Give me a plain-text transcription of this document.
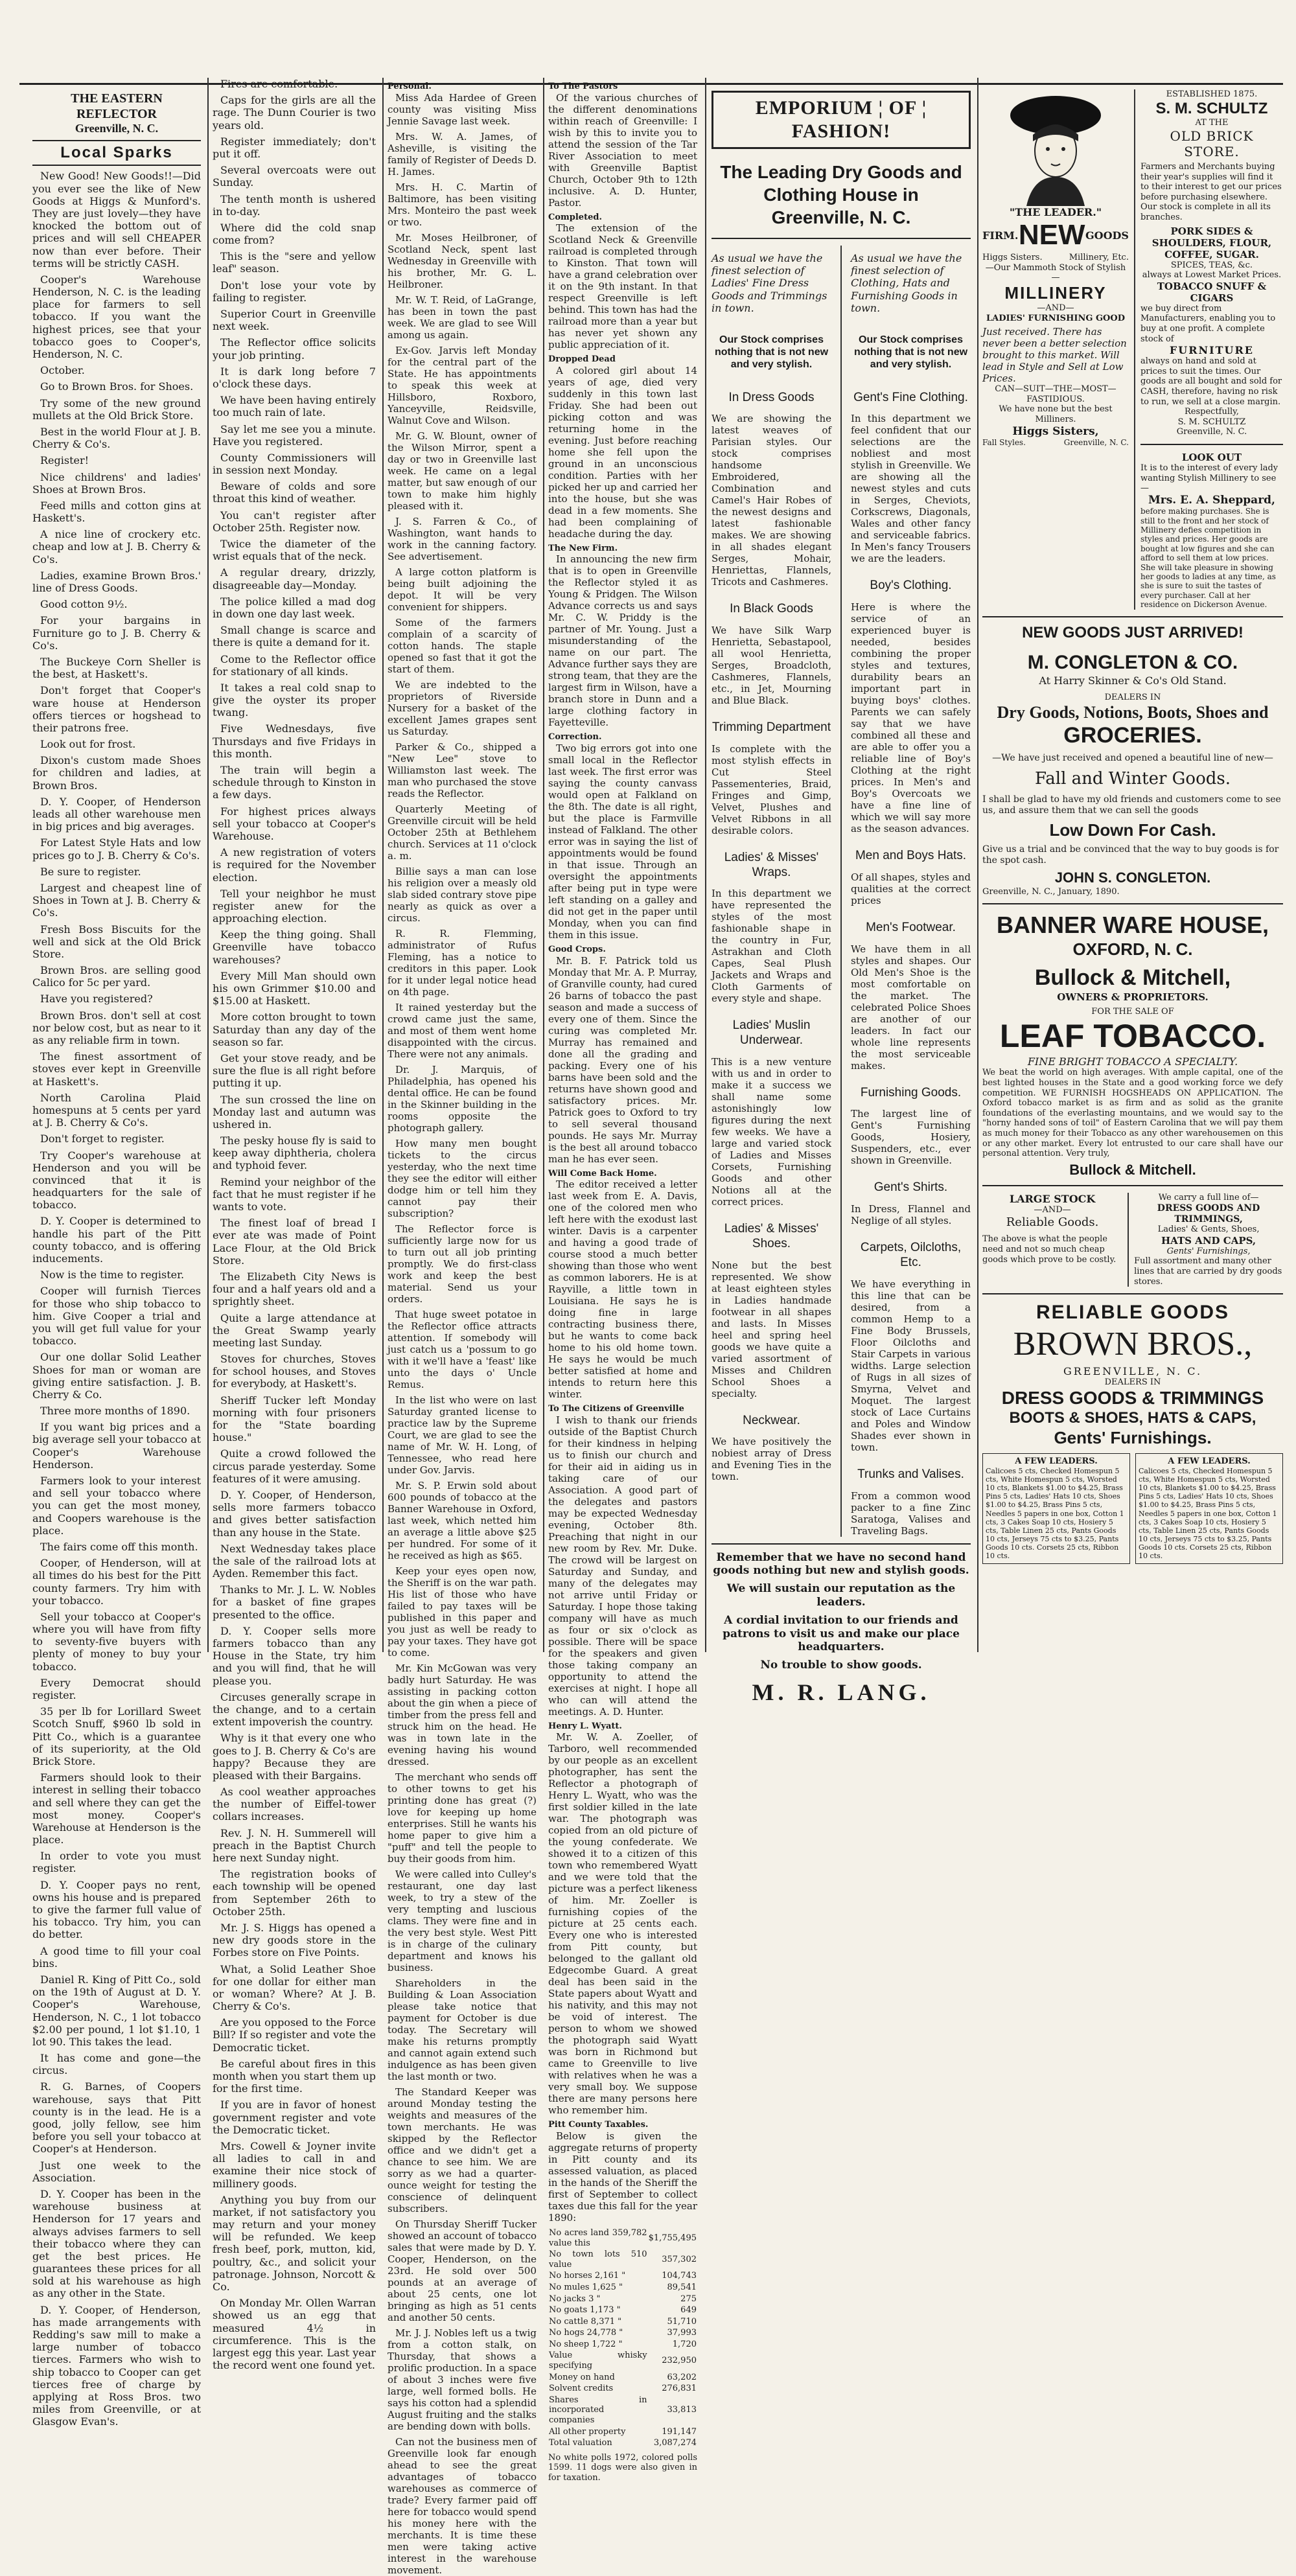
THE EASTERN REFLECTOR
Greenville, N. C.
Local Sparks

New Good! New Goods!!—Did you ever see the like of New Goods at Higgs & Munford's. They are just lovely—they have knocked the bottom out of prices and will sell CHEAPER now than ever before. Their terms will be strictly CASH.

Cooper's Warehouse Henderson, N. C. is the leading place for farmers to sell tobacco. If you want the highest prices, see that your tobacco goes to Cooper's, Henderson, N. C.

October.

Go to Brown Bros. for Shoes.

Try some of the new ground mullets at the Old Brick Store.

Best in the world Flour at J. B. Cherry & Co's.

Register!

Nice childrens' and ladies' Shoes at Brown Bros.

Feed mills and cotton gins at Haskett's.

A nice line of crockery etc. cheap and low at J. B. Cherry & Co's.

Ladies, examine Brown Bros.' line of Dress Goods.

Good cotton 9½.

For your bargains in Furniture go to J. B. Cherry & Co's.

The Buckeye Corn Sheller is the best, at Haskett's.

Don't forget that Cooper's ware house at Henderson offers tierces or hogshead to their patrons free.

Look out for frost.

Dixon's custom made Shoes for children and ladies, at Brown Bros.

D. Y. Cooper, of Henderson leads all other warehouse men in big prices and big averages.

For Latest Style Hats and low prices go to J. B. Cherry & Co's.

Be sure to register.

Largest and cheapest line of Shoes in Town at J. B. Cherry & Co's.

Fresh Boss Biscuits for the well and sick at the Old Brick Store.

Brown Bros. are selling good Calico for 5c per yard.

Have you registered?

Brown Bros. don't sell at cost nor below cost, but as near to it as any reliable firm in town.

The finest assortment of stoves ever kept in Greenville at Haskett's.

North Carolina Plaid homespuns at 5 cents per yard at J. B. Cherry & Co's.

Don't forget to register.

Try Cooper's warehouse at Henderson and you will be convinced that it is headquarters for the sale of tobacco.

D. Y. Cooper is determined to handle his part of the Pitt county tobacco, and is offering inducements.

Now is the time to register.

Cooper will furnish Tierces for those who ship tobacco to him. Give Cooper a trial and you will get full value for your tobacco.

Our one dollar Solid Leather Shoes for man or woman are giving entire satisfaction. J. B. Cherry & Co.

Three more months of 1890.

If you want big prices and a big average sell your tobacco at Cooper's Warehouse Henderson.

Farmers look to your interest and sell your tobacco where you can get the most money, and Coopers warehouse is the place.

The fairs come off this month.

Cooper, of Henderson, will at all times do his best for the Pitt county farmers. Try him with your tobacco.

Sell your tobacco at Cooper's where you will have from fifty to seventy-five buyers with plenty of money to buy your tobacco.

Every Democrat should register.

35 per lb for Lorillard Sweet Scotch Snuff, $960 lb sold in Pitt Co., which is a guarantee of its superiority, at the Old Brick Store.

Farmers should look to their interest in selling their tobacco and sell where they can get the most money. Cooper's Warehouse at Henderson is the place.

In order to vote you must register.

D. Y. Cooper pays no rent, owns his house and is prepared to give the farmer full value of his tobacco. Try him, you can do better.

A good time to fill your coal bins.

Daniel R. King of Pitt Co., sold on the 19th of August at D. Y. Cooper's Warehouse, Henderson, N. C., 1 lot tobacco $2.00 per pound, 1 lot $1.10, 1 lot 90. This takes the lead.

It has come and gone—the circus.

R. G. Barnes, of Coopers warehouse, says that Pitt county is in the lead. He is a good, jolly fellow, see him before you sell your tobacco at Cooper's at Henderson.

Just one week to the Association.

D. Y. Cooper has been in the warehouse business at Henderson for 17 years and always advises farmers to sell their tobacco where they can get the best prices. He guarantees these prices for all sold at his warehouse as high as any other in the State.

D. Y. Cooper, of Henderson, has made arrangements with Redding's saw mill to make a large number of tobacco tierces. Farmers who wish to ship tobacco to Cooper can get tierces free of charge by applying at Ross Bros. two miles from Greenville, or at Glasgow Evan's.

Fires are comfortable.

Caps for the girls are all the rage. The Dunn Courier is two years old.

Register immediately; don't put it off.

Several overcoats were out Sunday.

The tenth month is ushered in to-day.

Where did the cold snap come from?

This is the "sere and yellow leaf" season.

Don't lose your vote by failing to register.

Superior Court in Greenville next week.

The Reflector office solicits your job printing.

It is dark long before 7 o'clock these days.

We have been having entirely too much rain of late.

Say let me see you a minute. Have you registered.

County Commissioners will in session next Monday.

Beware of colds and sore throat this kind of weather.

You can't register after October 25th. Register now.

Twice the diameter of the wrist equals that of the neck.

A regular dreary, drizzly, disagreeable day—Monday.

The police killed a mad dog in down one day last week.

Small change is scarce and there is quite a demand for it.

Come to the Reflector office for stationary of all kinds.

It takes a real cold snap to give the oyster its proper twang.

Five Wednesdays, five Thursdays and five Fridays in this month.

The train will begin a schedule through to Kinston in a few days.

For highest prices always sell your tobacco at Cooper's Warehouse.

A new registration of voters is required for the November election.

Tell your neighbor he must register anew for the approaching election.

Keep the thing going. Shall Greenville have tobacco warehouses?

Every Mill Man should own his own Grimmer $10.00 and $15.00 at Haskett.

More cotton brought to town Saturday than any day of the season so far.

Get your stove ready, and be sure the flue is all right before putting it up.

The sun crossed the line on Monday last and autumn was ushered in.

The pesky house fly is said to keep away diphtheria, cholera and typhoid fever.

Remind your neighbor of the fact that he must register if he wants to vote.

The finest loaf of bread I ever ate was made of Point Lace Flour, at the Old Brick Store.

The Elizabeth City News is four and a half years old and a sprightly sheet.

Quite a large attendance at the Great Swamp yearly meeting last Sunday.

Stoves for churches, Stoves for school houses, and Stoves for everybody, at Haskett's.

Sheriff Tucker left Monday morning with four prisoners for the "State boarding house."

Quite a crowd followed the circus parade yesterday. Some features of it were amusing.

D. Y. Cooper, of Henderson, sells more farmers tobacco and gives better satisfaction than any house in the State.

Next Wednesday takes place the sale of the railroad lots at Ayden. Remember this fact.

Thanks to Mr. J. L. W. Nobles for a basket of fine grapes presented to the office.

D. Y. Cooper sells more farmers tobacco than any House in the State, try him and you will find, that he will please you.

Circuses generally scrape in the change, and to a certain extent impoverish the country.

Why is it that every one who goes to J. B. Cherry & Co's are happy? Because they are pleased with their Bargains.

As cool weather approaches the number of Eiffel-tower collars increases.

Rev. J. N. H. Summerell will preach in the Baptist Church here next Sunday night.

The registration books of each township will be opened from September 26th to October 25th.

Mr. J. S. Higgs has opened a new dry goods store in the Forbes store on Five Points.

What, a Solid Leather Shoe for one dollar for either man or woman? Where? At J. B. Cherry & Co's.

Are you opposed to the Force Bill? If so register and vote the Democratic ticket.

Be careful about fires in this month when you start them up for the first time.

If you are in favor of honest government register and vote the Democratic ticket.

Mrs. Cowell & Joyner invite all ladies to call in and examine their nice stock of millinery goods.

Anything you buy from our market, if not satisfactory you may return and your money will be refunded. We keep fresh beef, pork, mutton, kid, poultry, &c., and solicit your patronage. Johnson, Norcott & Co.

On Monday Mr. Ollen Warran showed us an egg that measured 4½ in circumference. This is the largest egg this year. Last year the record went one found yet.

Personal.

Miss Ada Hardee of Green county was visiting Miss Jennie Savage last week.

Mrs. W. A. James, of Asheville, is visiting the family of Register of Deeds D. H. James.

Mrs. H. C. Martin of Baltimore, has been visiting Mrs. Monteiro the past week or two.

Mr. Moses Heilbroner, of Scotland Neck, spent last Wednesday in Greenville with his brother, Mr. G. L. Heilbroner.

Mr. W. T. Reid, of LaGrange, has been in town the past week. We are glad to see Will among us again.

Ex-Gov. Jarvis left Monday for the central part of the State. He has appointments to speak this week at Hillsboro, Roxboro, Yanceyville, Reidsville, Walnut Cove and Wilson.

Mr. G. W. Blount, owner of the Wilson Mirror, spent a day or two in Greenville last week. He came on a legal matter, but saw enough of our town to make him highly pleased with it.

J. S. Farren & Co., of Washington, want hands to work in the canning factory. See advertisement.

A large cotton platform is being built adjoining the depot. It will be very convenient for shippers.

Some of the farmers complain of a scarcity of cotton hands. The staple opened so fast that it got the start of them.

We are indebted to the proprietors of Riverside Nursery for a basket of the excellent James grapes sent us Saturday.

Parker & Co., shipped a "New Lee" stove to Williamston last week. The man who purchased the stove reads the Reflector.

Quarterly Meeting of Greenville circuit will be held October 25th at Bethlehem church. Services at 11 o'clock a. m.

Billie says a man can lose his religion over a measly old slab sided contrary stove pipe nearly as quick as over a circus.

R. R. Flemming, administrator of Rufus Fleming, has a notice to creditors in this paper. Look for it under legal notice head on 4th page.

It rained yesterday but the crowd came just the same, and most of them went home disappointed with the circus. There were not any animals.

Dr. J. Marquis, of Philadelphia, has opened his dental office. He can be found in the Skinner building in the rooms opposite the photograph gallery.

How many men bought tickets to the circus yesterday, who the next time they see the editor will either dodge him or tell him they cannot pay their subscription?

The Reflector force is sufficiently large now for us to turn out all job printing promptly. We do first-class work and keep the best material. Send us your orders.

That huge sweet potatoe in the Reflector office attracts attention. If somebody will just catch us a 'possum to go with it we'll have a 'feast' like unto the days o' Uncle Remus.

In the list who were on last Saturday granted license to practice law by the Supreme Court, we are glad to see the name of Mr. W. H. Long, of Tennessee, who read here under Gov. Jarvis.

Mr. S. P. Erwin sold about 600 pounds of tobacco at the Banner Warehouse in Oxford, last week, which netted him an average a little above $25 per hundred. For some of it he received as high as $65.

Keep your eyes open now, the Sheriff is on the war path. His list of those who have failed to pay taxes will be published in this paper and you just as well be ready to pay your taxes. They have got to come.

Mr. Kin McGowan was very badly hurt Saturday. He was assisting in packing cotton about the gin when a piece of timber from the press fell and struck him on the head. He was in town late in the evening having his wound dressed.

The merchant who sends off to other towns to get his printing done has great (?) love for keeping up home enterprises. Still he wants his home paper to give him a "puff" and tell the people to buy their goods from him.

We were called into Culley's restaurant, one day last week, to try a stew of the very tempting and luscious clams. They were fine and in the very best style. West Pitt is in charge of the culinary department and knows his business.

Shareholders in the Building & Loan Association please take notice that payment for October is due today. The Secretary will make his returns promptly and cannot again extend such indulgence as has been given the last month or two.

The Standard Keeper was around Monday testing the weights and measures of the town merchants. He was skipped by the Reflector office and we didn't get a chance to see him. We are sorry as we had a quarter-ounce weight for testing the conscience of delinquent subscribers.

On Thursday Sheriff Tucker showed an account of tobacco sales that were made by D. Y. Cooper, Henderson, on the 23rd. He sold over 500 pounds at an average of about 25 cents, one lot bringing as high as 51 cents and another 50 cents.

Mr. J. J. Nobles left us a twig from a cotton stalk, on Thursday, that shows a prolific production. In a space of about 3 inches were five large, well formed bolls. He says his cotton had a splendid August fruiting and the stalks are bending down with bolls.

Can not the business men of Greenville look far enough ahead to see the great advantages of tobacco warehouses as commerce of trade? Every farmer paid off here for tobacco would spend his money here with the merchants. It is time these men were taking active interest in the warehouse movement.

To The Pastors

Of the various churches of the different denominations within reach of Greenville: I wish by this to invite you to attend the session of the Tar River Association to meet with Greenville Baptist Church, October 9th to 12th inclusive. A. D. Hunter, Pastor.

Completed.

The extension of the Scotland Neck & Greenville railroad is completed through to Kinston. That town will have a grand celebration over it on the 9th instant. In that respect Greenville is left behind. This town has had the railroad more than a year but has never yet shown any public appreciation of it.

Dropped Dead

A colored girl about 14 years of age, died very suddenly in this town last Friday. She had been out picking cotton and was returning home in the evening. Just before reaching home she fell upon the ground in an unconscious condition. Parties with her picked her up and carried her into the house, but she was dead in a few moments. She had been complaining of headache during the day.

The New Firm.

In announcing the new firm that is to open in Greenville the Reflector styled it as Young & Pridgen. The Wilson Advance corrects us and says Mr. C. W. Priddy is the partner of Mr. Young. Just a misunderstanding of the name on our part. The Advance further says they are strong team, that they are the largest firm in Wilson, have a branch store in Dunn and a large clothing factory in Fayetteville.

Correction.

Two big errors got into one small local in the Reflector last week. The first error was saying the county canvass would open at Falkland on the 8th. The date is all right, but the place is Farmville instead of Falkland. The other error was in saying the list of appointments would be found in that issue. Through an oversight the appointments after being put in type were left standing on a galley and did not get in the paper until Monday, when you can find them in this issue.

Good Crops.

Mr. B. F. Patrick told us Monday that Mr. A. P. Murray, of Granville county, had cured 26 barns of tobacco the past season and made a success of every one of them. Since the curing was completed Mr. Murray has remained and done all the grading and packing. Every one of his barns have been sold and the returns have shown good and satisfactory prices. Mr. Patrick goes to Oxford to try to sell several thousand pounds. He says Mr. Murray is the best all around tobacco man he has ever seen.

Will Come Back Home.

The editor received a letter last week from E. A. Davis, one of the colored men who left here with the exodust last winter. Davis is a carpenter and having a good trade of course stood a much better showing than those who went as common laborers. He is at Rayville, a little town in Louisiana. He says he is doing fine in large contracting business there, but he wants to come back home to his old home town. He says he would be much better satisfied at home and intends to return here this winter.

To The Citizens of Greenville

I wish to thank our friends outside of the Baptist Church for their kindness in helping us to finish our church and for their aid in aiding us in taking care of our Association. A good part of the delegates and pastors may be expected Wednesday evening, October 8th. Preaching that night in our new room by Rev. Mr. Duke. The crowd will be largest on Saturday and Sunday, and many of the delegates may not arrive until Friday or Saturday. I hope those taking company will have as much as four or six o'clock as possible. There will be space for the speakers and given those taking company an opportunity to attend the exercises at night. I hope all who can will attend the meetings. A. D. Hunter.

Henry L. Wyatt.

Mr. W. A. Zoeller, of Tarboro, well recommended by our people as an excellent photographer, has sent the Reflector a photograph of Henry L. Wyatt, who was the first soldier killed in the late war. The photograph was copied from an old picture of the young confederate. We showed it to a citizen of this town who remembered Wyatt and we were told that the picture was a perfect likeness of him. Mr. Zoeller is furnishing copies of the picture at 25 cents each. Every one who is interested from Pitt county, but belonged to the gallant old Edgecombe Guard. A great deal has been said in the State papers about Wyatt and his nativity, and this may not be void of interest. The person to whom we showed the photograph said Wyatt was born in Richmond but came to Greenville to live with relatives when he was a very small boy. We suppose there are many persons here who remember him.

Pitt County Taxables.

Below is given the aggregate returns of property in Pitt county and its assessed valuation, as placed in the hands of the Sheriff the first of September to collect taxes due this fall for the year 1890:

No acres land 359,782 value this	$1,755,495
No town lots 510 value	357,302
No horses 2,161 "	104,743
No mules 1,625 "	89,541
No jacks 3 "	275
No goats 1,173 "	649
No cattle 8,371 "	51,710
No hogs 24,778 "	37,993
No sheep 1,722 "	1,720
Value whisky specifying	232,950
Money on hand	63,202
Solvent credits	276,831
Shares in incorporated companies	33,813
All other property	191,147
Total valuation	3,087,274
No white polls 1972, colored polls 1599. 11 dogs were also given in for taxation.
EMPORIUM ¦ OF ¦ FASHION!
The Leading Dry Goods and Clothing House in Greenville, N. C.
As usual we have the finest selection of Ladies' Fine Dress Goods and Trimmings in town.
Our Stock comprises nothing that is not new and very stylish.
In Dress Goods
We are showing the latest weaves of Parisian styles. Our stock comprises handsome Embroidered, Combination and Camel's Hair Robes of the newest designs and latest fashionable makes. We are showing in all shades elegant Serges, Mohair, Henriettas, Flannels, Tricots and Cashmeres.
In Black Goods
We have Silk Warp Henrietta, Sebastapool, all wool Henrietta, Serges, Broadcloth, Cashmeres, Flannels, etc., in Jet, Mourning and Blue Black.
Trimming Department
Is complete with the most stylish effects in Cut Steel Passementeries, Braid, Fringes and Gimp, Velvet, Plushes and Velvet Ribbons in all desirable colors.
Ladies' & Misses' Wraps.
In this department we have represented the styles of the most fashionable shape in the country in Fur, Astrakhan and Cloth Capes, Seal Plush Jackets and Wraps and Cloth Garments of every style and shape.
Ladies' Muslin Underwear.
This is a new venture with us and in order to make it a success we shall name some astonishingly low figures during the next few weeks. We have a large and varied stock of Ladies and Misses Corsets, Furnishing Goods and other Notions all at the correct prices.
Ladies' & Misses' Shoes.
None but the best represented. We show at least eighteen styles in Ladies handmade footwear in all shapes and lasts. In Misses heel and spring heel goods we have quite a varied assortment of Misses and Children School Shoes a specialty.
Neckwear.
We have positively the nobiest array of Dress and Evening Ties in the town.
As usual we have the finest selection of Clothing, Hats and Furnishing Goods in town.
Our Stock comprises nothing that is not new and very stylish.
Gent's Fine Clothing.
In this department we feel confident that our selections are the nobliest and most stylish in Greenville. We are showing all the newest styles and cuts in Serges, Cheviots, Corkscrews, Diagonals, Wales and other fancy and serviceable fabrics. In Men's fancy Trousers we are the leaders.
Boy's Clothing.
Here is where the service of an experienced buyer is needed, besides combining the proper styles and textures, durability bears an important part in buying boys' clothes. Parents we can safely say that we have combined all these and are able to offer you a reliable line of Boy's Clothing at the right prices. In Men's and Boy's Overcoats we have a fine line of which we will say more as the season advances.
Men and Boys Hats.
Of all shapes, styles and qualities at the correct prices
Men's Footwear.
We have them in all styles and shapes. Our Old Men's Shoe is the most comfortable on the market. The celebrated Police Shoes are another of our leaders. In fact our whole line represents the most serviceable makes.
Furnishing Goods.
The largest line of Gent's Furnishing Goods, Hosiery, Suspenders, etc., ever shown in Greenville.
Gent's Shirts.
In Dress, Flannel and Neglige of all styles.
Carpets, Oilcloths, Etc.
We have everything in this line that can be desired, from a common Hemp to a Fine Body Brussels, Floor Oilcloths and Stair Carpets in various widths. Large selection of Rugs in all sizes of Smyrna, Velvet and Moquet. The largest stock of Lace Curtains and Poles and Window Shades ever shown in town.
Trunks and Valises.
From a common wood packer to a fine Zinc Saratoga, Valises and Traveling Bags.
Remember that we have no second hand goods nothing but new and stylish goods.
We will sustain our reputation as the leaders.
A cordial invitation to our friends and patrons to visit us and make our place headquarters.
No trouble to show goods.
M. R. LANG.
"THE LEADER."
FIRM. NEW GOODS
Higgs Sisters.	Millinery, Etc.
—Our Mammoth Stock of Stylish—
MILLINERY
—AND—
LADIES' FURNISHING GOOD
Just received. There has never been a better selection brought to this market. Will lead in Style and Sell at Low Prices.
CAN—SUIT—THE—MOST—FASTIDIOUS.
We have none but the best Milliners.
Higgs Sisters,
Fall Styles.	Greenville, N. C.
ESTABLISHED 1875.
S. M. SCHULTZ
AT THE
OLD BRICK STORE.
Farmers and Merchants buying their year's supplies will find it to their interest to get our prices before purchasing elsewhere. Our stock is complete in all its branches.
PORK SIDES & SHOULDERS, FLOUR, COFFEE, SUGAR.
SPICES, TEAS, &c.
always at Lowest Market Prices.
TOBACCO SNUFF & CIGARS
we buy direct from Manufacturers, enabling you to buy at one profit. A complete stock of
FURNITURE
always on hand and sold at prices to suit the times. Our goods are all bought and sold for CASH, therefore, having no risk to run, we sell at a close margin.
Respectfully,
S. M. SCHULTZ
Greenville, N. C.
LOOK OUT
It is to the interest of every lady wanting Stylish Millinery to see—
Mrs. E. A. Sheppard,
before making purchases. She is still to the front and her stock of Millinery defies competition in styles and prices. Her goods are bought at low figures and she can afford to sell them at low prices. She will take pleasure in showing her goods to ladies at any time, as she is sure to suit the tastes of every purchaser. Call at her residence on Dickerson Avenue.
NEW GOODS JUST ARRIVED!
M. CONGLETON & CO.
At Harry Skinner & Co's Old Stand.
DEALERS IN
Dry Goods, Notions, Boots, Shoes and
GROCERIES.
—We have just received and opened a beautiful line of new—
Fall and Winter Goods.
I shall be glad to have my old friends and customers come to see us, and assure them that we can sell the goods
Low Down For Cash.
Give us a trial and be convinced that the way to buy goods is for the spot cash.
JOHN S. CONGLETON.
Greenville, N. C., January, 1890.
BANNER WARE HOUSE,
OXFORD, N. C.
Bullock & Mitchell,
OWNERS & PROPRIETORS.
FOR THE SALE OF
LEAF TOBACCO.
FINE BRIGHT TOBACCO A SPECIALTY.
We beat the world on high averages. With ample capital, one of the best lighted houses in the State and a good working force we defy competition. WE FURNISH HOGSHEADS ON APPLICATION. The Oxford tobacco market is as firm and as solid as the granite foundations of the everlasting mountains, and we would say to the "horny handed sons of toil" of Eastern Carolina that we will pay them as much money for their Tobacco as any other warehousemen on this or any other market. Every lot entrusted to our care shall have our personal attention. Very truly,
Bullock & Mitchell.
LARGE STOCK
—AND—
Reliable Goods.
The above is what the people need and not so much cheap goods which prove to be costly.
We carry a full line of—
DRESS GOODS AND TRIMMINGS,
Ladies' & Gents, Shoes,
HATS AND CAPS,
Gents' Furnishings,
Full assortment and many other lines that are carried by dry goods stores.
RELIABLE GOODS
BROWN BROS.,
GREENVILLE, N. C.
DEALERS IN
DRESS GOODS & TRIMMINGS
BOOTS & SHOES, HATS & CAPS,
Gents' Furnishings.
A FEW LEADERS.
Calicoes 5 cts, Checked Homespun 5 cts, White Homespun 5 cts, Worsted 10 cts, Blankets $1.00 to $4.25, Brass Pins 5 cts, Ladies' Hats 10 cts, Shoes $1.00 to $4.25, Brass Pins 5 cts, Needles 5 papers in one box, Cotton 1 cts, 3 Cakes Soap 10 cts, Hosiery 5 cts, Table Linen 25 cts, Pants Goods 10 cts, Jerseys 75 cts to $3.25, Pants Goods 10 cts. Corsets 25 cts, Ribbon 10 cts.
A FEW LEADERS.
Calicoes 5 cts, Checked Homespun 5 cts, White Homespun 5 cts, Worsted 10 cts, Blankets $1.00 to $4.25, Brass Pins 5 cts, Ladies' Hats 10 cts, Shoes $1.00 to $4.25, Brass Pins 5 cts, Needles 5 papers in one box, Cotton 1 cts, 3 Cakes Soap 10 cts, Hosiery 5 cts, Table Linen 25 cts, Pants Goods 10 cts, Jerseys 75 cts to $3.25, Pants Goods 10 cts. Corsets 25 cts, Ribbon 10 cts.
